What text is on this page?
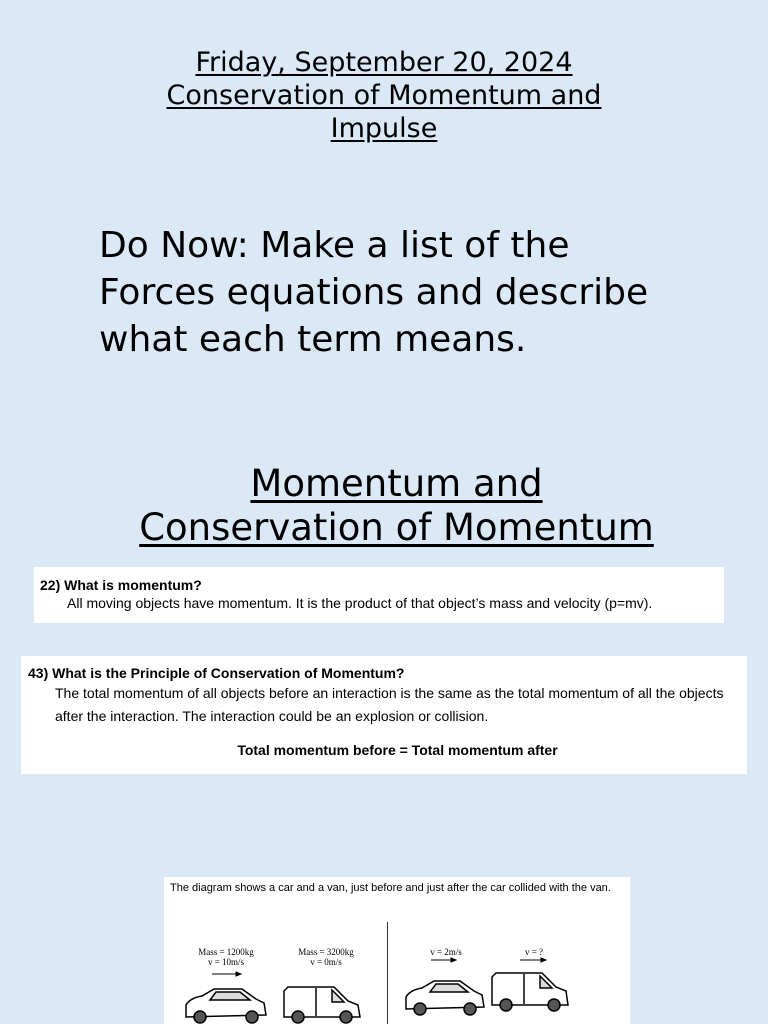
Friday, September 20, 2024
Conservation of Momentum and
Impulse
Do Now: Make a list of the Forces equations and describe what each term means.
Momentum and
Conservation of Momentum
22) What is momentum?
All moving objects have momentum. It is the product of that object’s mass and velocity (p=mv).
43) What is the Principle of Conservation of Momentum?
The total momentum of all objects before an interaction is the same as the total momentum of all the objects after the interaction. The interaction could be an explosion or collision.
Total momentum before = Total momentum after
The diagram shows a car and a van, just before and just after the car collided with the van.
Mass = 1200kg
v = 10m/s
Mass = 3200kg
v = 0m/s
v = 2m/s	v = ?
